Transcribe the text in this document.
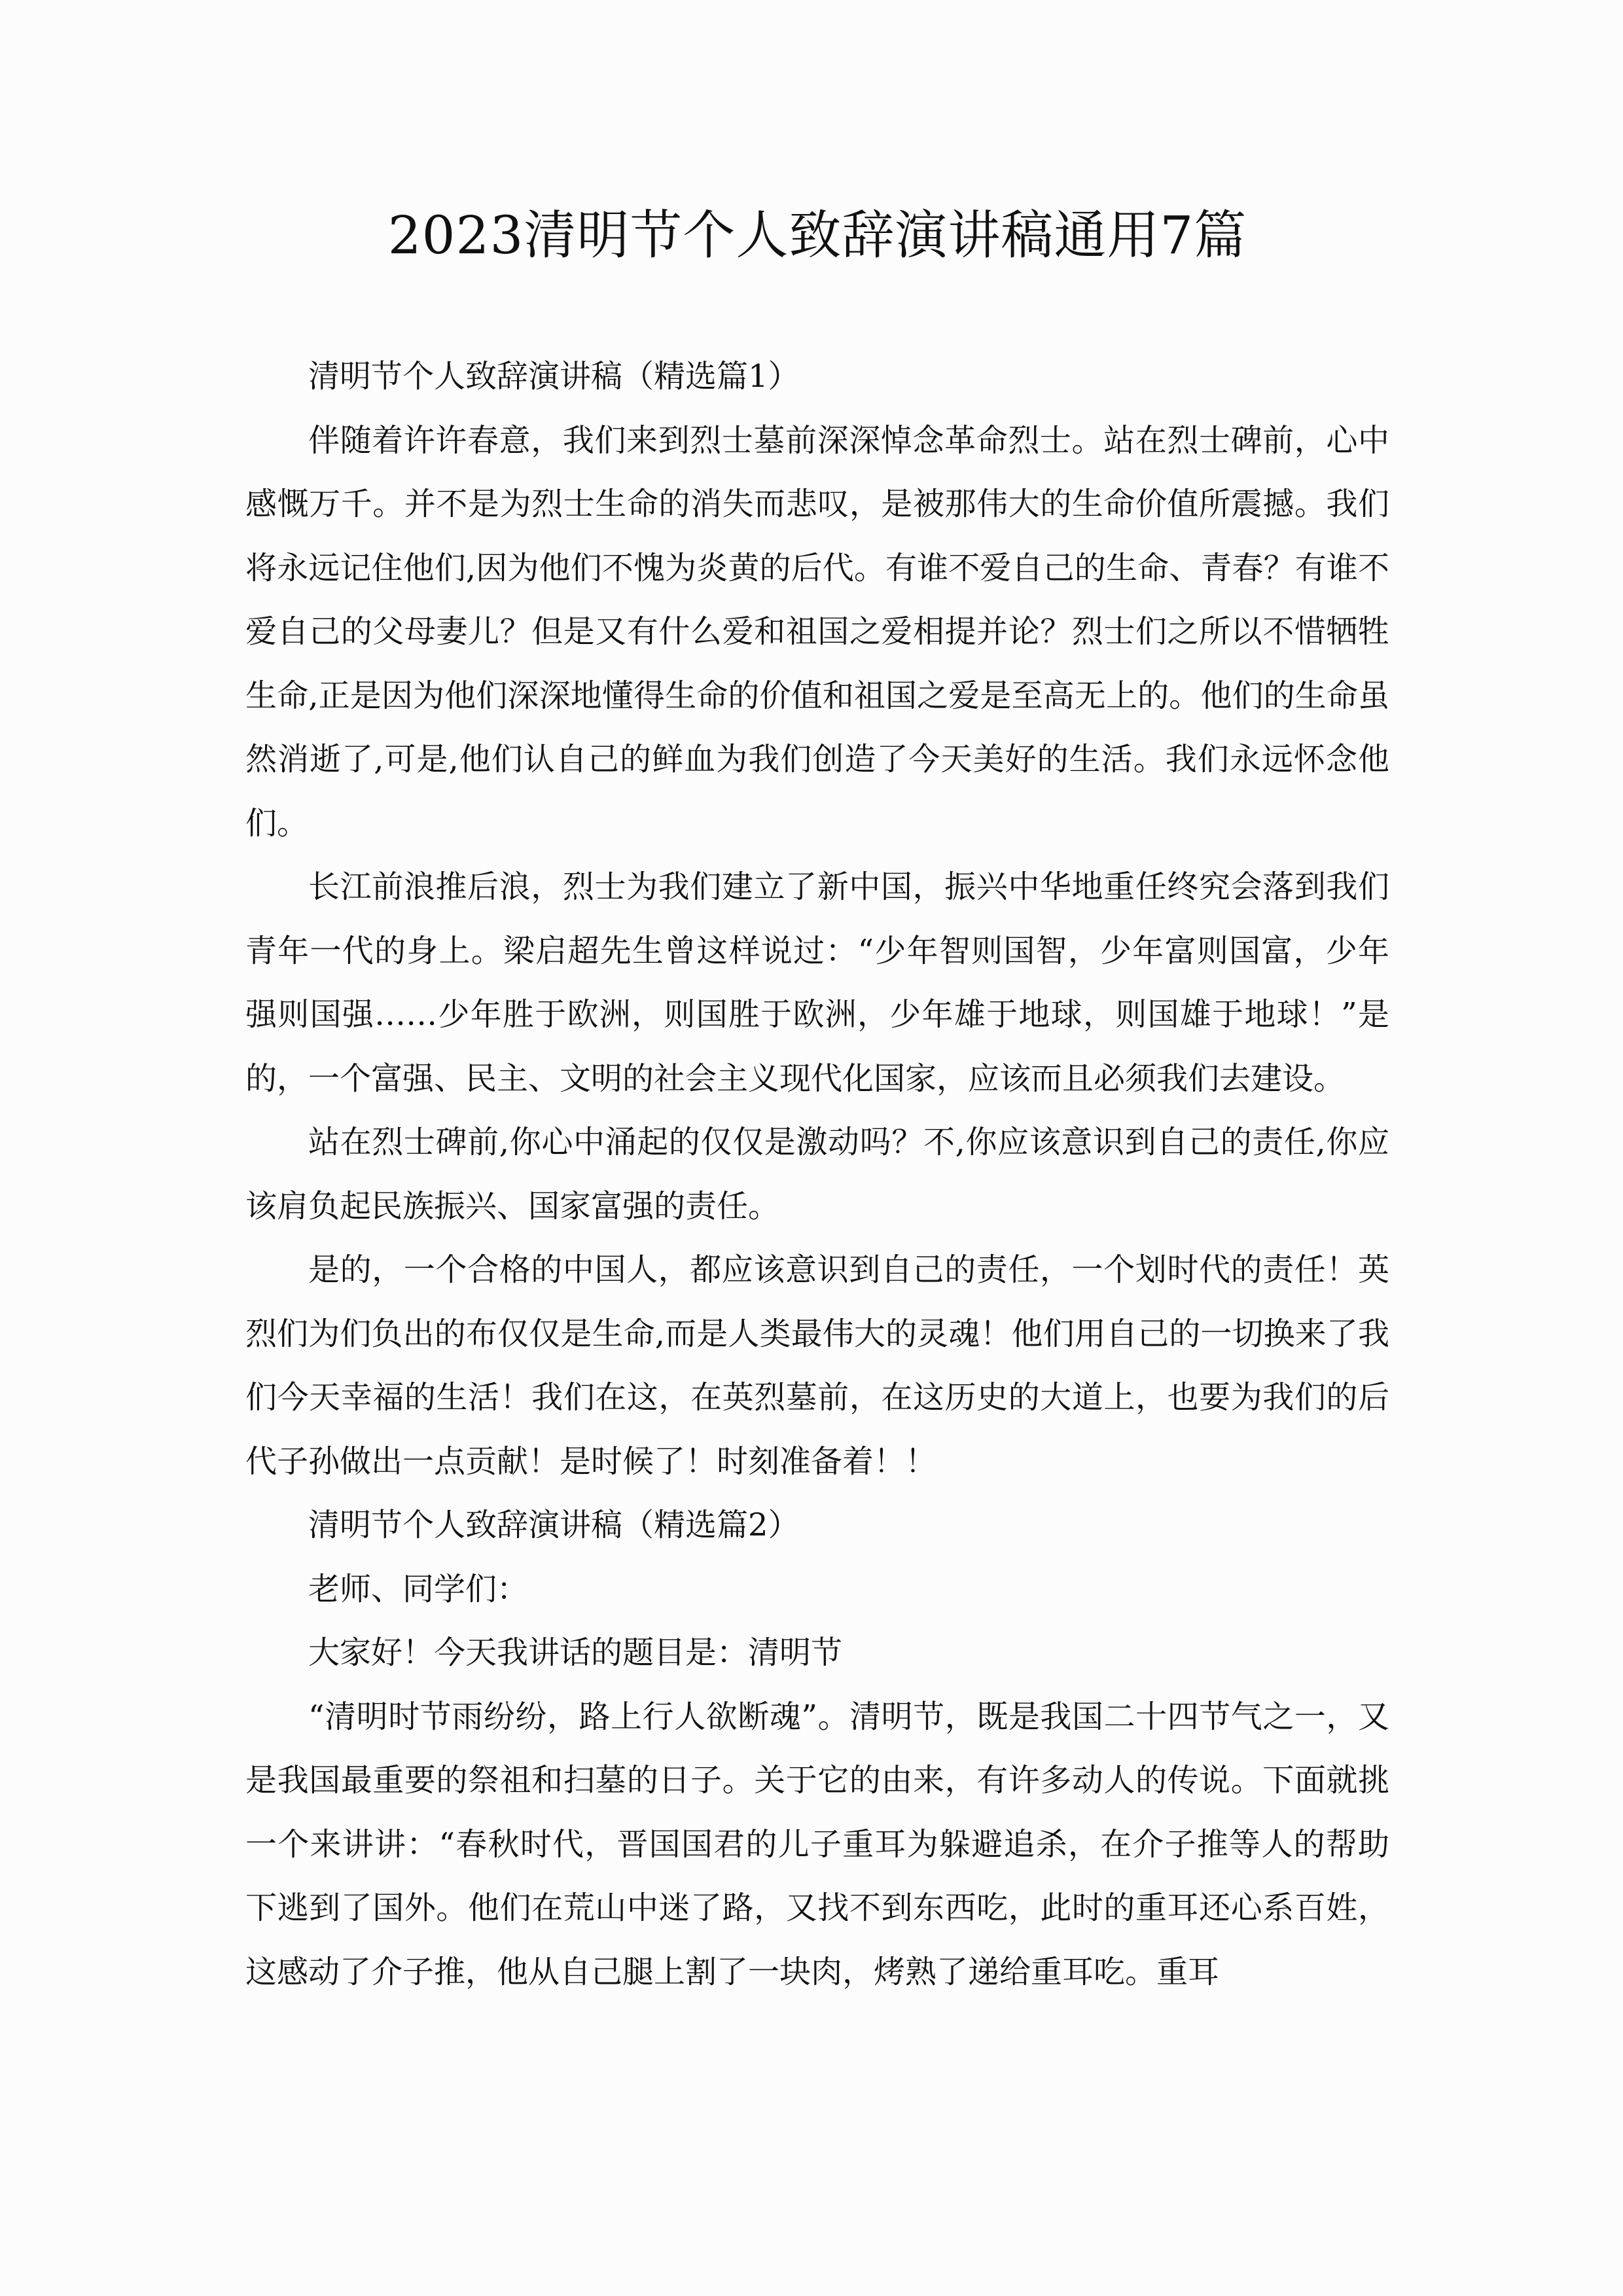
2023清明节个人致辞演讲稿通用7篇

清明节个人致辞演讲稿（精选篇1）

伴随着许许春意，我们来到烈士墓前深深悼念革命烈士。站在烈士碑前，心中感慨万千。并不是为烈士生命的消失而悲叹，是被那伟大的生命价值所震撼。我们将永远记住他们,因为他们不愧为炎黄的后代。有谁不爱自己的生命、青春？有谁不爱自己的父母妻儿？但是又有什么爱和祖国之爱相提并论？烈士们之所以不惜牺牲生命,正是因为他们深深地懂得生命的价值和祖国之爱是至高无上的。他们的生命虽然消逝了,可是,他们认自己的鲜血为我们创造了今天美好的生活。我们永远怀念他们。

长江前浪推后浪，烈士为我们建立了新中国，振兴中华地重任终究会落到我们青年一代的身上。梁启超先生曾这样说过：“少年智则国智，少年富则国富，少年强则国强……少年胜于欧洲，则国胜于欧洲，少年雄于地球，则国雄于地球！”是的，一个富强、民主、文明的社会主义现代化国家，应该而且必须我们去建设。

站在烈士碑前,你心中涌起的仅仅是激动吗？不,你应该意识到自己的责任,你应该肩负起民族振兴、国家富强的责任。

是的，一个合格的中国人，都应该意识到自己的责任，一个划时代的责任！英烈们为们负出的布仅仅是生命,而是人类最伟大的灵魂！他们用自己的一切换来了我们今天幸福的生活！我们在这，在英烈墓前，在这历史的大道上，也要为我们的后代子孙做出一点贡献！是时候了！时刻准备着！！

清明节个人致辞演讲稿（精选篇2）

老师、同学们：

大家好！今天我讲话的题目是：清明节

“清明时节雨纷纷，路上行人欲断魂”。清明节，既是我国二十四节气之一，又是我国最重要的祭祖和扫墓的日子。关于它的由来，有许多动人的传说。下面就挑一个来讲讲：“春秋时代，晋国国君的儿子重耳为躲避追杀，在介子推等人的帮助下逃到了国外。他们在荒山中迷了路，又找不到东西吃，此时的重耳还心系百姓，这感动了介子推，他从自己腿上割了一块肉，烤熟了递给重耳吃。重耳
